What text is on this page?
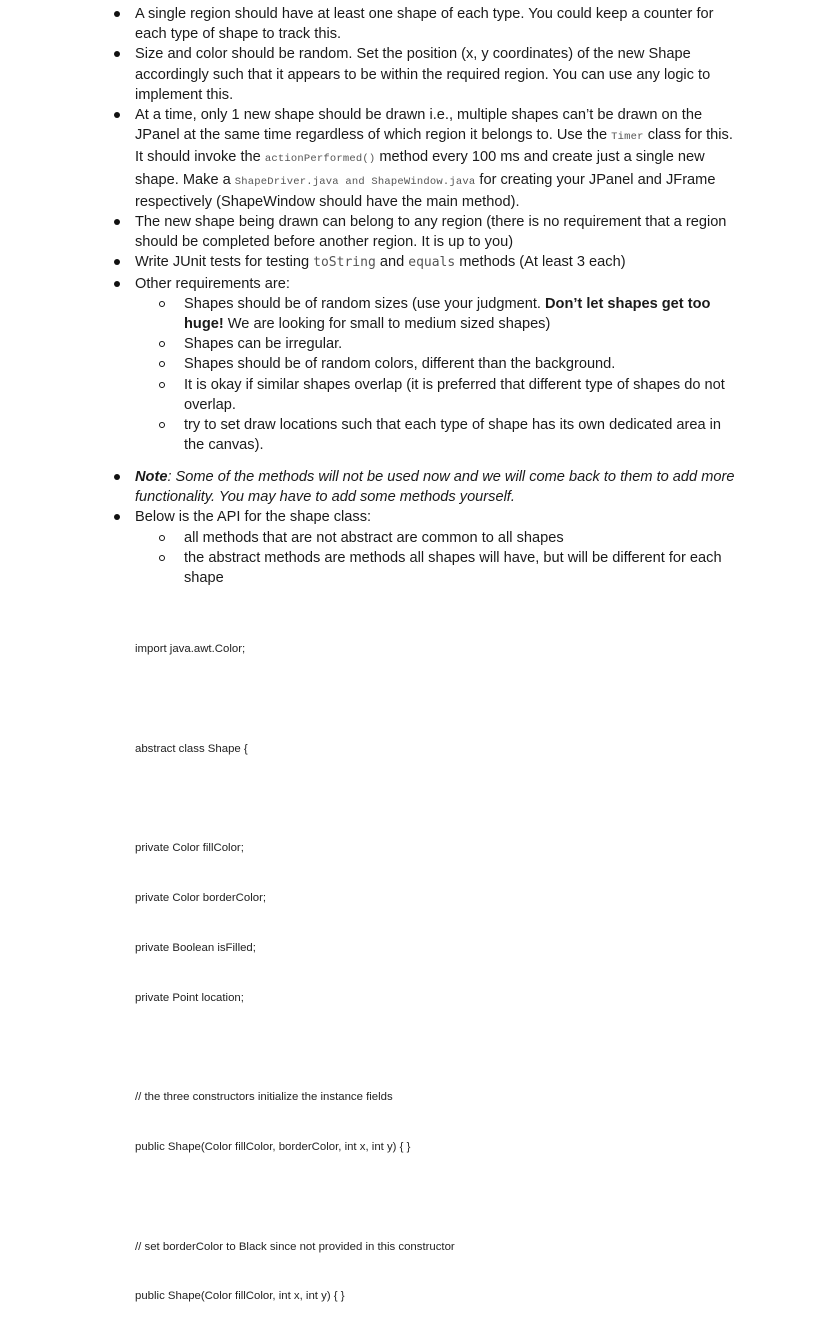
A single region should have at least one shape of each type. You could keep a counter for each type of shape to track this.
Size and color should be random. Set the position (x, y coordinates) of the new Shape accordingly such that it appears to be within the required region. You can use any logic to implement this.
At a time, only 1 new shape should be drawn i.e., multiple shapes can’t be drawn on the JPanel at the same time regardless of which region it belongs to. Use the Timer class for this. It should invoke the actionPerformed() method every 100 ms and create just a single new shape. Make a ShapeDriver.java and ShapeWindow.java for creating your JPanel and JFrame respectively (ShapeWindow should have the main method).
The new shape being drawn can belong to any region (there is no requirement that a region should be completed before another region. It is up to you)
Write JUnit tests for testing toString and equals methods (At least 3 each)
Other requirements are:
Shapes should be of random sizes (use your judgment. Don’t let shapes get too huge! We are looking for small to medium sized shapes)
Shapes can be irregular.
Shapes should be of random colors, different than the background.
It is okay if similar shapes overlap (it is preferred that different type of shapes do not overlap.
try to set draw locations such that each type of shape has its own dedicated area in the canvas).
Note: Some of the methods will not be used now and we will come back to them to add more functionality. You may have to add some methods yourself.
Below is the API for the shape class:
all methods that are not abstract are common to all shapes
the abstract methods are methods all shapes will have, but will be different for each shape

import java.awt.Color;

abstract class Shape {

private Color fillColor;

private Color borderColor;

private Boolean isFilled;

private Point location;

// the three constructors initialize the instance fields

public Shape(Color fillColor, borderColor, int x, int y) { }

// set borderColor to Black since not provided in this constructor

public Shape(Color fillColor, int x, int y) { }
